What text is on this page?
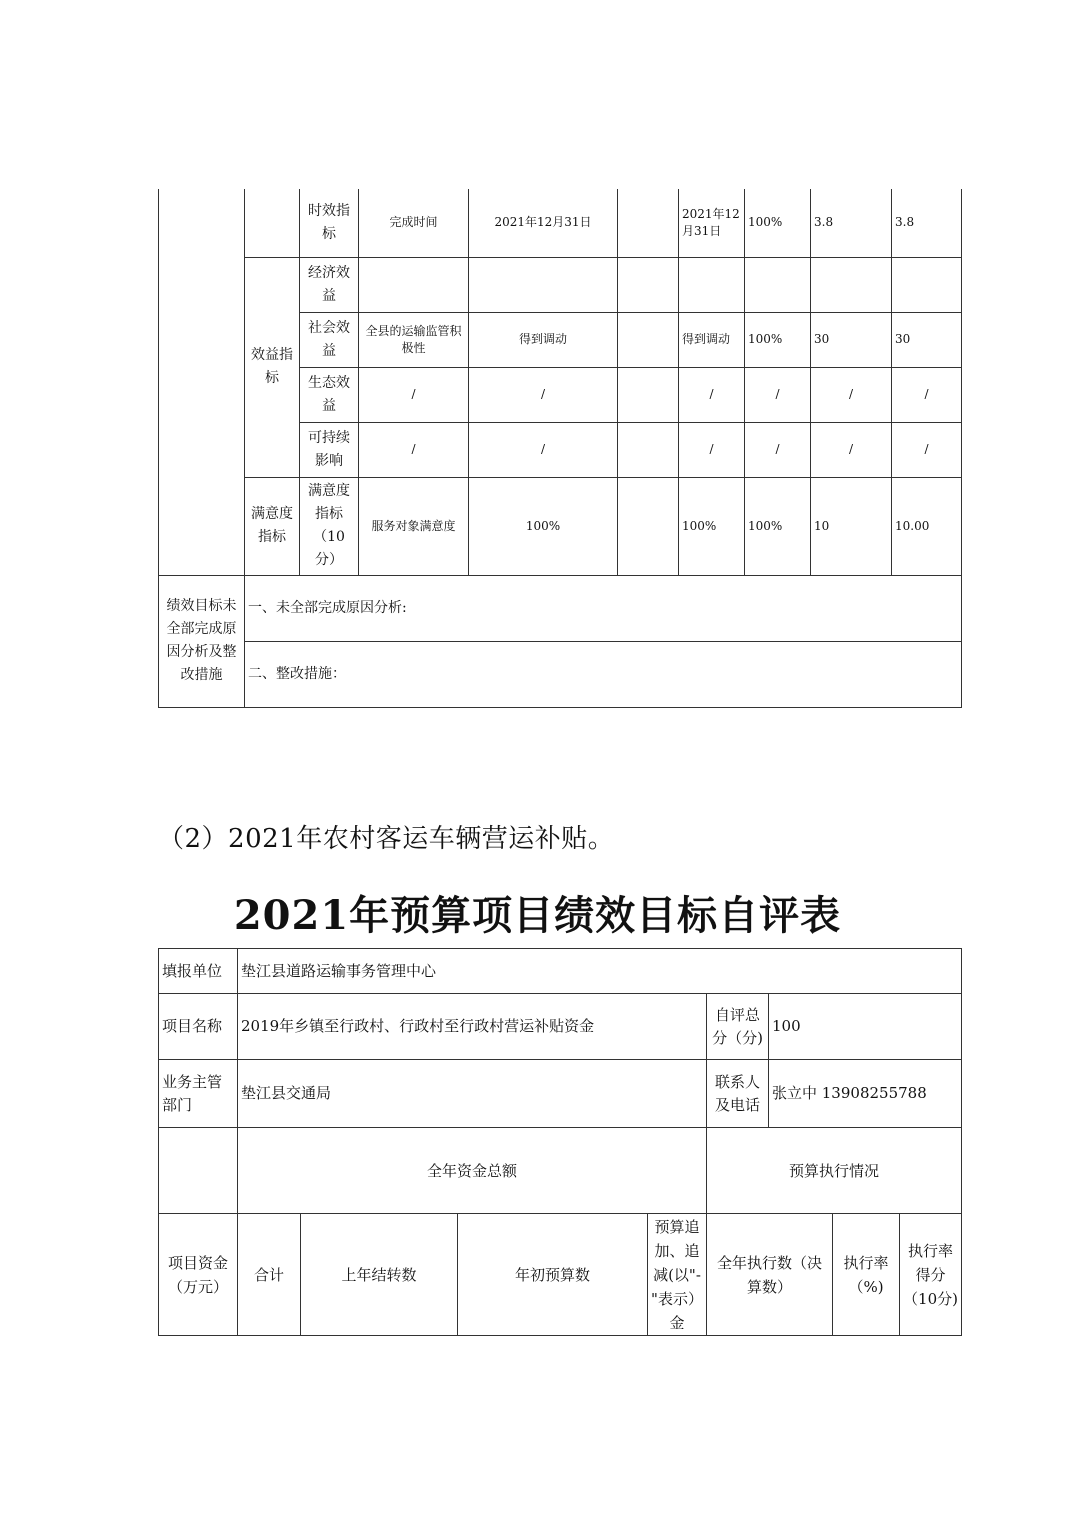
		时效指标	完成时间	2021年12月31日		2021年12月31日	100%	3.8	3.8
	效益指标	经济效益							
		社会效益	全县的运输监管积极性	得到调动		得到调动	100%	30	30
		生态效益	/	/		/	/	/	/
		可持续影响	/	/		/	/	/	/
	满意度指标	满意度指标（10分）	服务对象满意度	100%		100%	100%	10	10.00
绩效目标未全部完成原因分析及整改措施	一、未全部完成原因分析:								
	二、整改措施：								
（2）2021年农村客运车辆营运补贴。
2021年预算项目绩效目标自评表
填报单位	垫江县道路运输事务管理中心							
项目名称	2019年乡镇至行政村、行政村至行政村营运补贴资金				自评总分（分)	100		
业务主管部门	垫江县交通局				联系人及电话	张立中 13908255788		
	全年资金总额				预算执行情况			
项目资金（万元）	合计	上年结转数	年初预算数	预算追加、追减(以"-"表示）金	全年执行数（决算数）		执行率（%)	执行率得分（10分)
